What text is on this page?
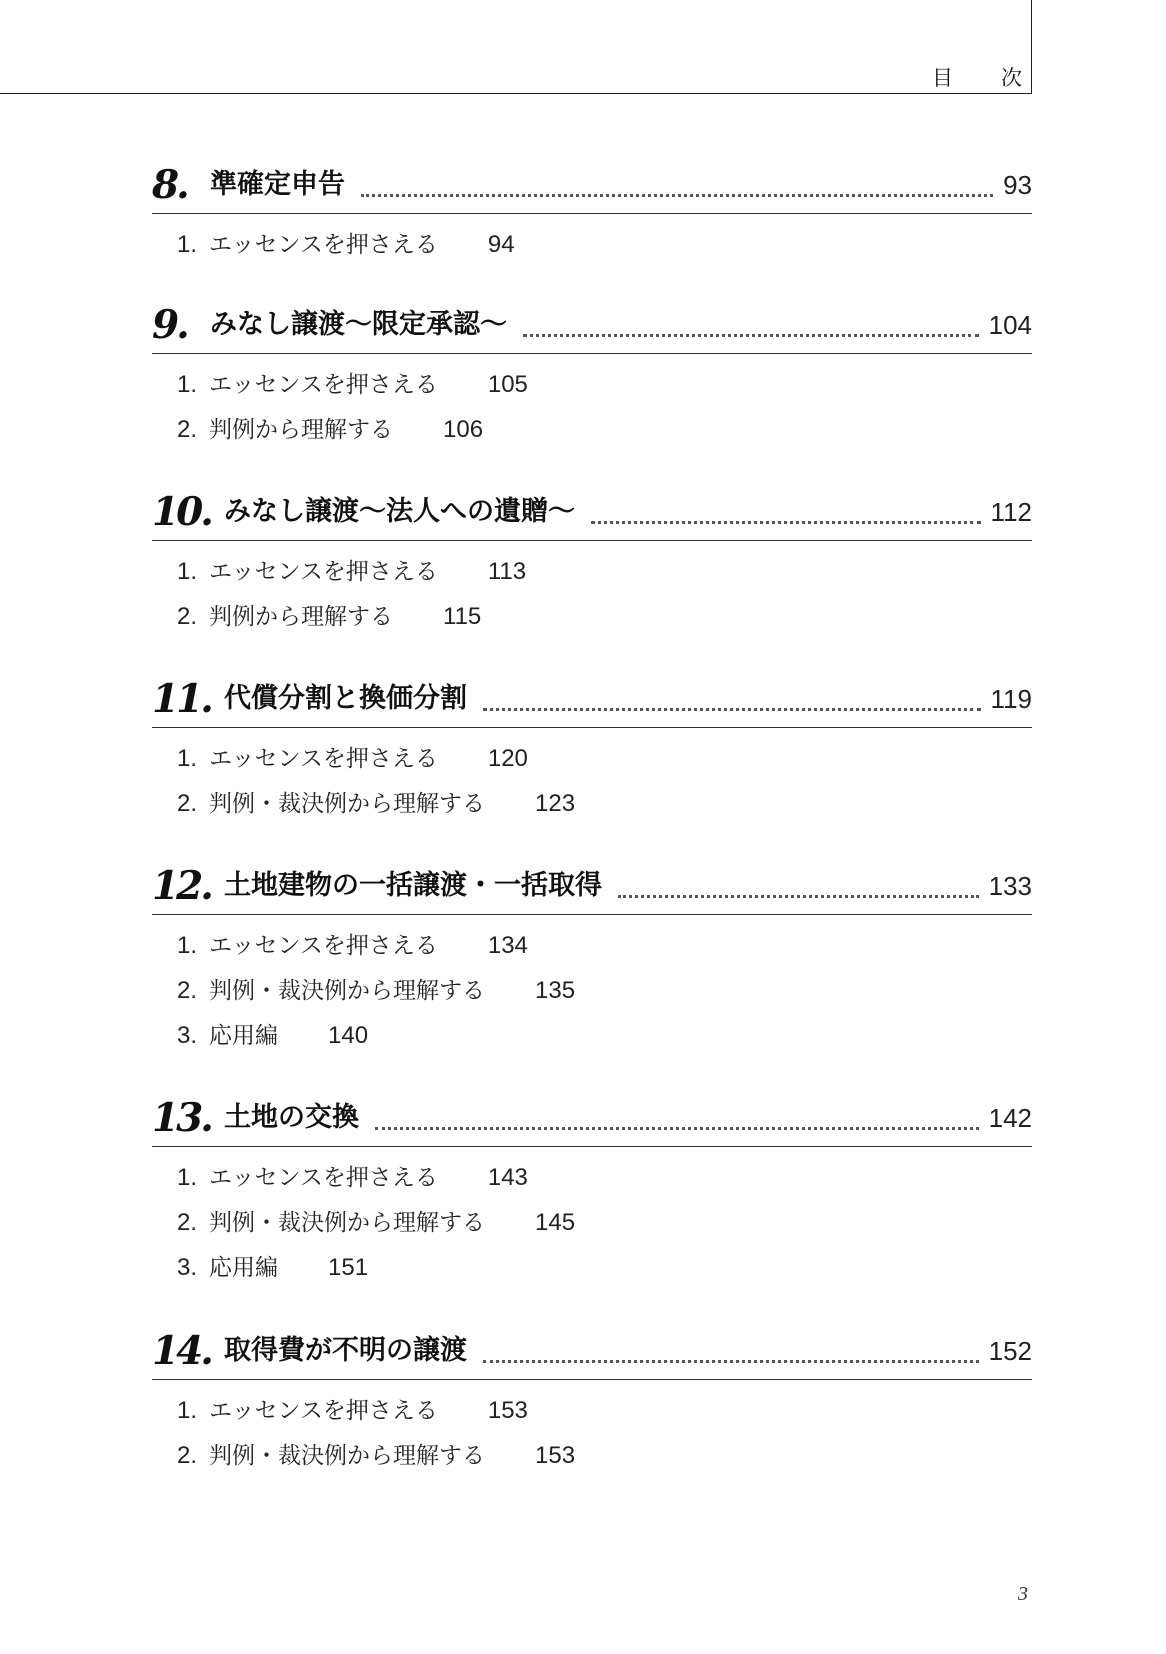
目 次
8. 準確定申告	93
1. エッセンスを押さえる 94
9. みなし譲渡～限定承認～	104
1. エッセンスを押さえる 105
2. 判例から理解する 106
10. みなし譲渡～法人への遺贈～	112
1. エッセンスを押さえる 113
2. 判例から理解する 115
11. 代償分割と換価分割	119
1. エッセンスを押さえる 120
2. 判例・裁決例から理解する 123
12. 土地建物の一括譲渡・一括取得	133
1. エッセンスを押さえる 134
2. 判例・裁決例から理解する 135
3. 応用編 140
13. 土地の交換	142
1. エッセンスを押さえる 143
2. 判例・裁決例から理解する 145
3. 応用編 151
14. 取得費が不明の譲渡	152
1. エッセンスを押さえる 153
2. 判例・裁決例から理解する 153
3
